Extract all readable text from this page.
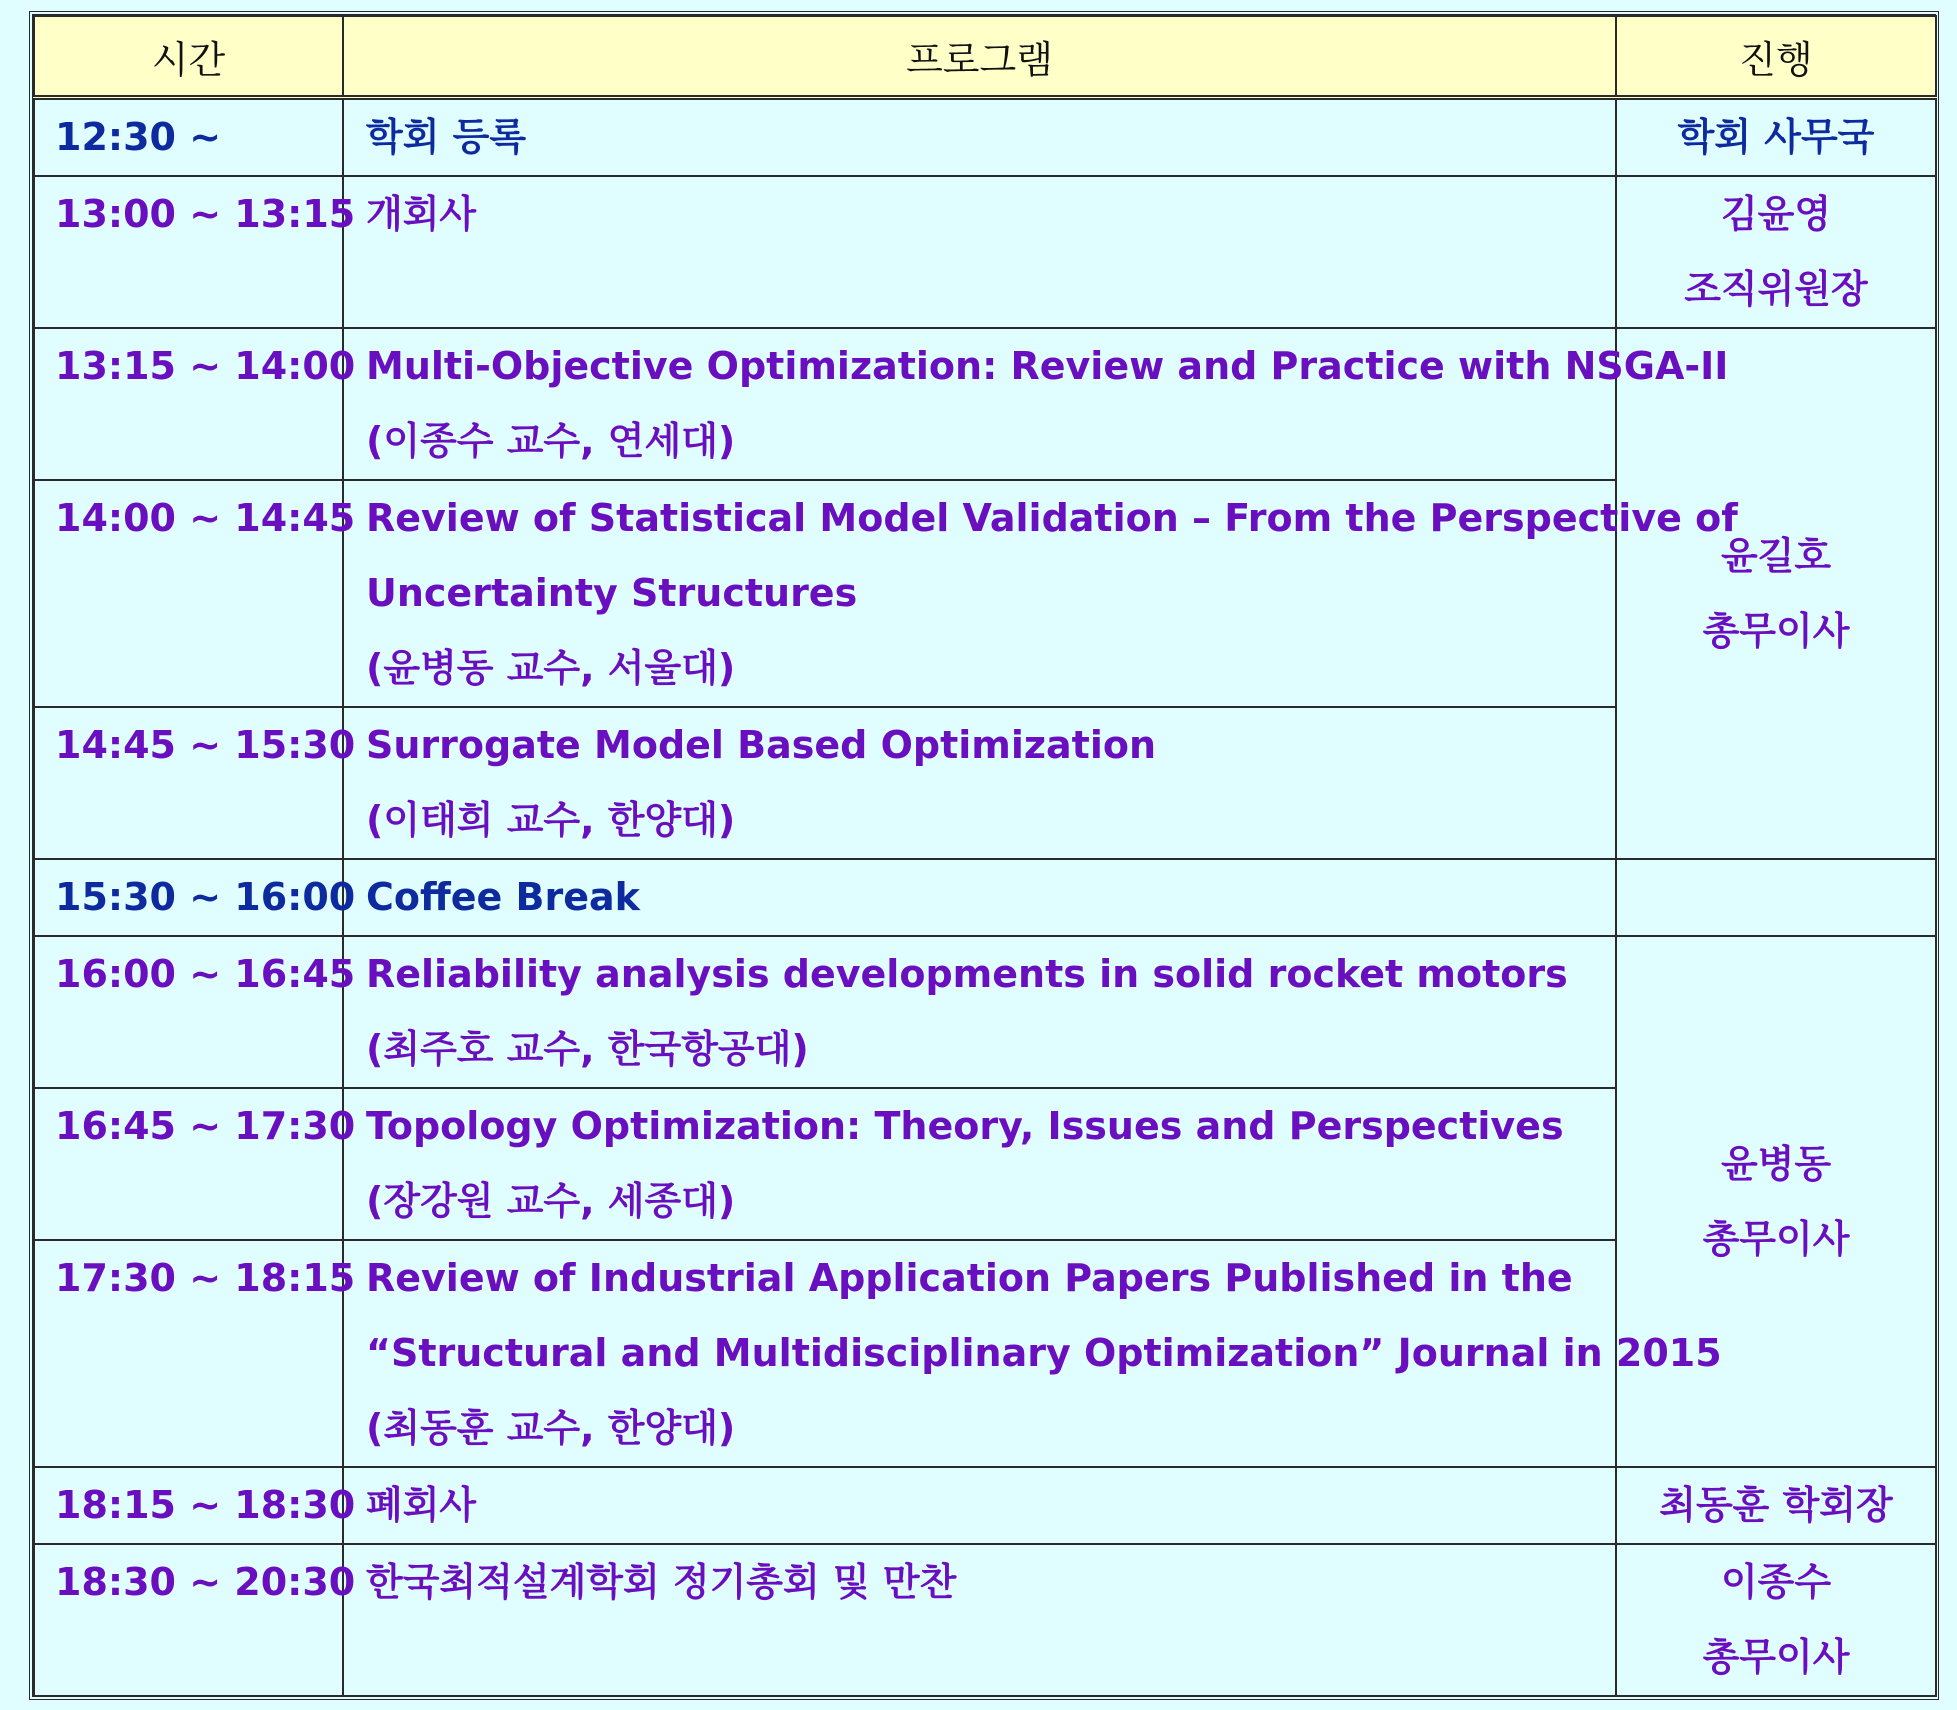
시간	프로그램	진행
12:30 ~	학회 등록	학회 사무국

13:00 ~ 13:15	개회사	김윤영
조직위원장

13:15 ~ 14:00	Multi-Objective Optimization: Review and Practice with NSGA-II
(이종수 교수, 연세대)	윤길호
총무이사

14:00 ~ 14:45	Review of Statistical Model Validation – From the Perspective of
Uncertainty Structures
(윤병동 교수, 서울대)	

14:45 ~ 15:30	Surrogate Model Based Optimization
(이태희 교수, 한양대)	

15:30 ~ 16:00	Coffee Break	

16:00 ~ 16:45	Reliability analysis developments in solid rocket motors
(최주호 교수, 한국항공대)	윤병동
총무이사

16:45 ~ 17:30	Topology Optimization: Theory, Issues and Perspectives
(장강원 교수, 세종대)	

17:30 ~ 18:15	Review of Industrial Application Papers Published in the
“Structural and Multidisciplinary Optimization” Journal in 2015
(최동훈 교수, 한양대)	

18:15 ~ 18:30	폐회사	최동훈 학회장

18:30 ~ 20:30	한국최적설계학회 정기총회 및 만찬	이종수
총무이사
